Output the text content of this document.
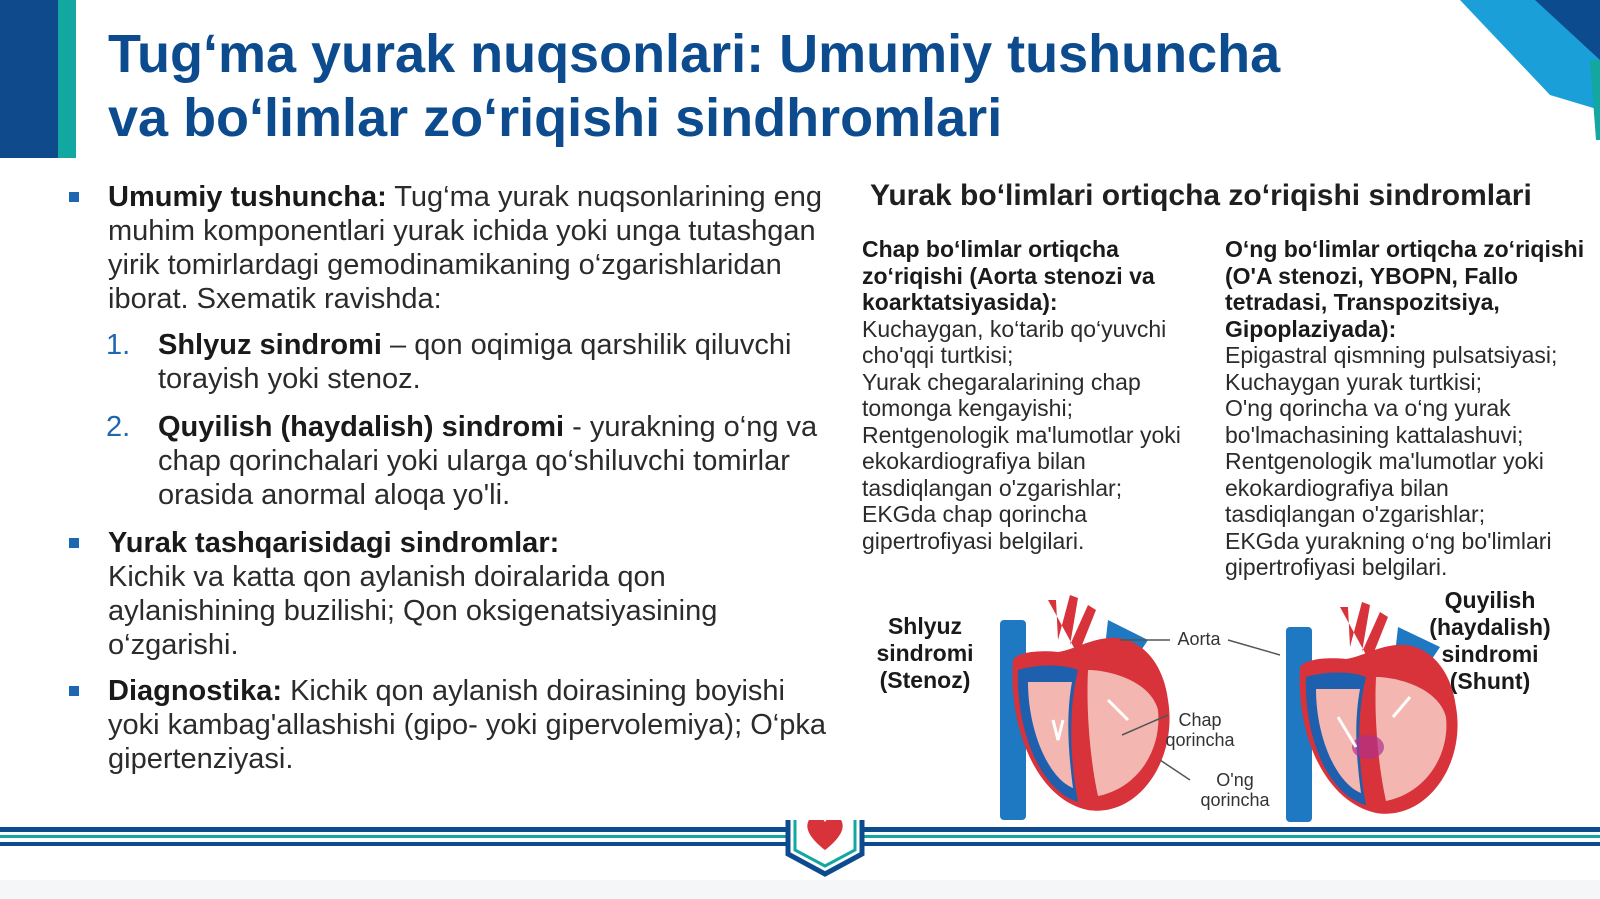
Tug‘ma yurak nuqsonlari: Umumiy tushuncha
va bo‘limlar zo‘riqishi sindhromlari
Umumiy tushuncha: Tug‘ma yurak nuqsonlarining eng muhim komponentlari yurak ichida yoki unga tutashgan yirik tomirlardagi gemodinamikaning o‘zgarishlaridan iborat. Sxematik ravishda:
1. Shlyuz sindromi – qon oqimiga qarshilik qiluvchi torayish yoki stenoz.
2. Quyilish (haydalish) sindromi - yurakning o‘ng va chap qorinchalari yoki ularga qo‘shiluvchi tomirlar orasida anormal aloqa yo'li.
Yurak tashqarisidagi sindromlar:
Kichik va katta qon aylanish doiralarida qon aylanishining buzilishi; Qon oksigenatsiyasining o‘zgarishi.
Diagnostika: Kichik qon aylanish doirasining boyishi yoki kambag'allashishi (gipo- yoki gipervolemiya); O‘pka gipertenziyasi.
Yurak bo‘limlari ortiqcha zo‘riqishi sindromlari

Chap bo‘limlar ortiqcha zo‘riqishi (Aorta stenozi va koarktatsiyasida):

Kuchaygan, ko‘tarib qo‘yuvchi cho'qqi turtkisi;

Yurak chegaralarining chap tomonga kengayishi;

Rentgenologik ma'lumotlar yoki ekokardiografiya bilan tasdiqlangan o'zgarishlar;

EKGda chap qorincha gipertrofiyasi belgilari.

O‘ng bo‘limlar ortiqcha zo‘riqishi

(O'A stenozi, YBOPN, Fallo

tetradasi, Transpozitsiya,

Gipoplaziyada):

Epigastral qismning pulsatsiyasi;

Kuchaygan yurak turtkisi;

O'ng qorincha va o‘ng yurak

bo'lmachasining kattalashuvi;

Rentgenologik ma'lumotlar yoki

ekokardiografiya bilan

tasdiqlangan o'zgarishlar;

EKGda yurakning o‘ng bo'limlari

gipertrofiyasi belgilari.

Shlyuz
sindromi
(Stenoz)
Quyilish
(haydalish)
sindromi
(Shunt)
Aorta
Chap
qorincha
O'ng
qorincha
